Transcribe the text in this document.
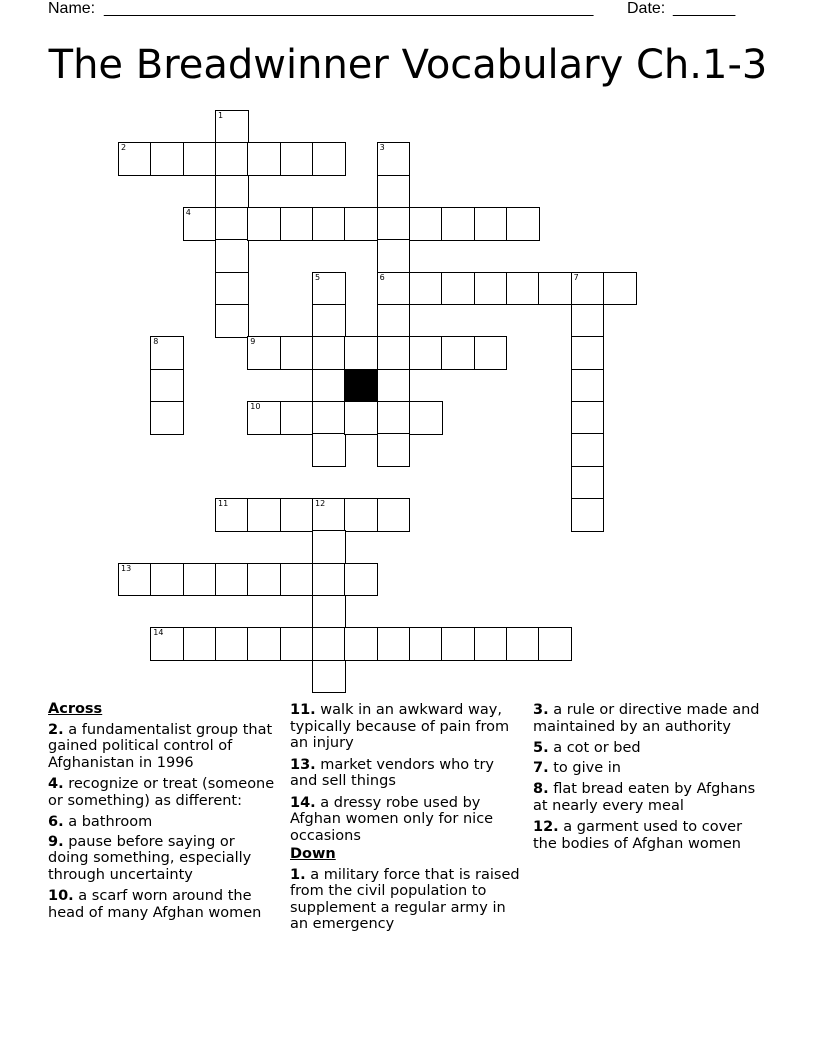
Name: _______________________________________________________ Date: _______
The Breadwinner Vocabulary Ch.1-3
1
2	3
6
4
5	7
8	9
10
11	12
13
14
Across
2. a fundamentalist group that gained political control of Afghanistan in 1996
4. recognize or treat (someone or something) as different:
6. a bathroom
9. pause before saying or doing something, especially through uncertainty
10. a scarf worn around the head of many Afghan women
11. walk in an awkward way, typically because of pain from an injury
13. market vendors who try and sell things
14. a dressy robe used by Afghan women only for nice occasions
Down
1. a military force that is raised from the civil population to supplement a regular army in an emergency
3. a rule or directive made and maintained by an authority
5. a cot or bed
7. to give in
8. flat bread eaten by Afghans at nearly every meal
12. a garment used to cover the bodies of Afghan women
